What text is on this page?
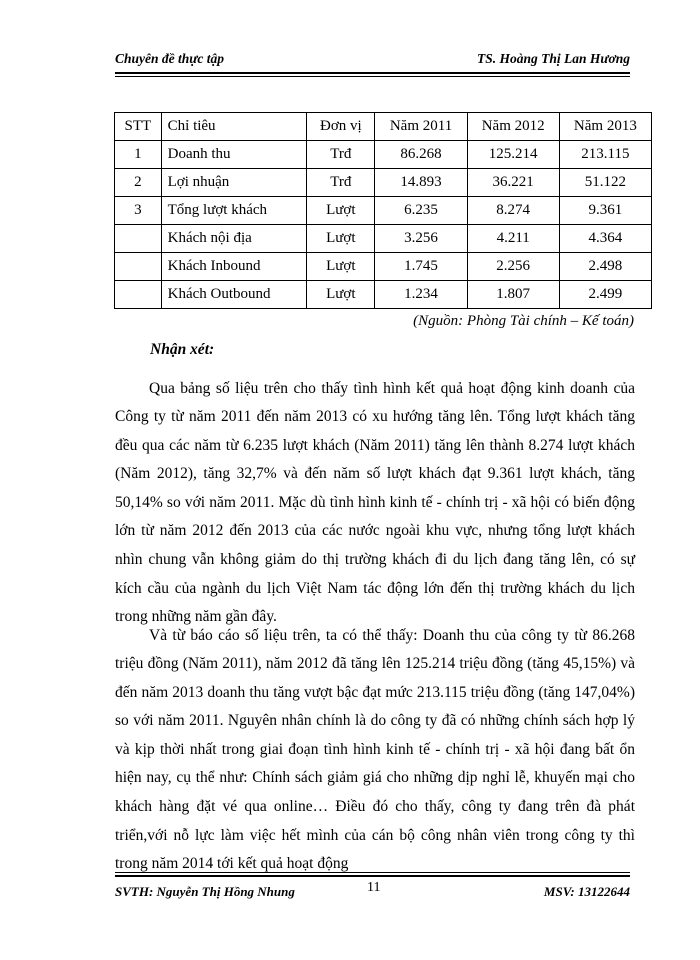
Chuyên đề thực tập	TS. Hoàng Thị Lan Hương
STT	Chỉ tiêu	Đơn vị	Năm 2011	Năm 2012	Năm 2013
1	Doanh thu	Trđ	86.268	125.214	213.115
2	Lợi nhuận	Trđ	14.893	36.221	51.122
3	Tổng lượt khách	Lượt	6.235	8.274	9.361
	Khách nội địa	Lượt	3.256	4.211	4.364
	Khách Inbound	Lượt	1.745	2.256	2.498
	Khách Outbound	Lượt	1.234	1.807	2.499
(Nguồn: Phòng Tài chính – Kế toán)
Nhận xét:

Qua bảng số liệu trên cho thấy tình hình kết quả hoạt động kinh doanh của Công ty từ năm 2011 đến năm 2013 có xu hướng tăng lên. Tổng lượt khách tăng đều qua các năm từ 6.235 lượt khách (Năm 2011) tăng lên thành 8.274 lượt khách (Năm 2012), tăng 32,7% và đến năm số lượt khách đạt 9.361 lượt khách, tăng 50,14% so với năm 2011. Mặc dù tình hình kinh tế - chính trị - xã hội có biến động lớn từ năm 2012 đến 2013 của các nước ngoài khu vực, nhưng tổng lượt khách nhìn chung vẫn không giảm do thị trường khách đi du lịch đang tăng lên, có sự kích cầu của ngành du lịch Việt Nam tác động lớn đến thị trường khách du lịch trong những năm gần đây.

Và từ báo cáo số liệu trên, ta có thể thấy: Doanh thu của công ty từ 86.268 triệu đồng (Năm 2011), năm 2012 đã tăng lên 125.214 triệu đồng (tăng 45,15%) và đến năm 2013 doanh thu tăng vượt bậc đạt mức 213.115 triệu đồng (tăng 147,04%) so với năm 2011. Nguyên nhân chính là do công ty đã có những chính sách hợp lý và kịp thời nhất trong giai đoạn tình hình kinh tế - chính trị - xã hội đang bất ổn hiện nay, cụ thể như: Chính sách giảm giá cho những dịp nghỉ lễ, khuyến mại cho khách hàng đặt vé qua online… Điều đó cho thấy, công ty đang trên đà phát triển,với nỗ lực làm việc hết mình của cán bộ công nhân viên trong công ty thì trong năm 2014 tới kết quả hoạt động

SVTH: Nguyễn Thị Hồng Nhung	11	MSV: 13122644
